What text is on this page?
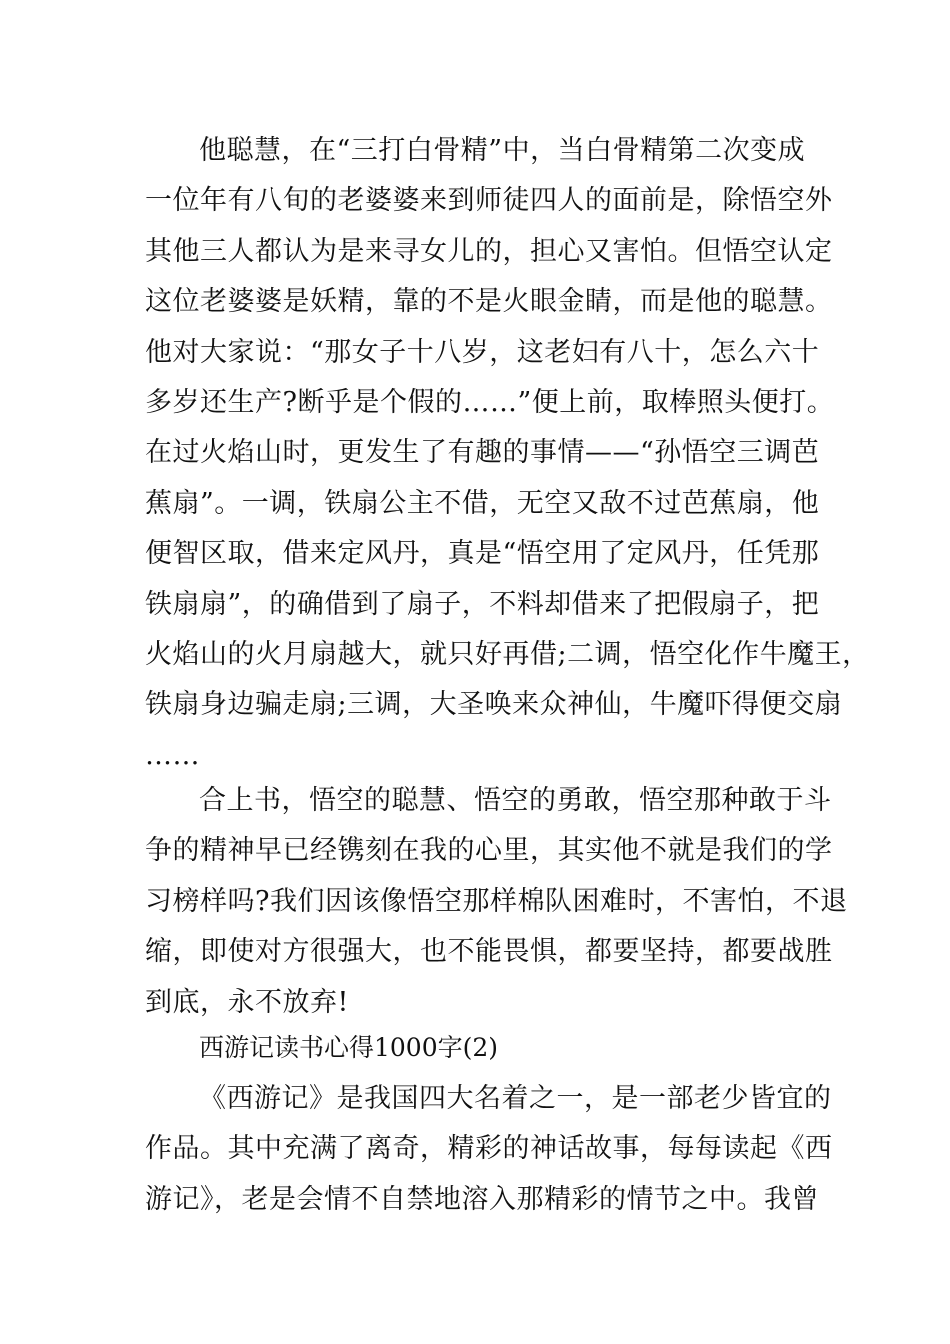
他聪慧，在“三打白骨精”中，当白骨精第二次变成
一位年有八旬的老婆婆来到师徒四人的面前是，除悟空外
其他三人都认为是来寻女儿的，担心又害怕。但悟空认定
这位老婆婆是妖精，靠的不是火眼金睛，而是他的聪慧。
他对大家说：“那女子十八岁，这老妇有八十，怎么六十
多岁还生产?断乎是个假的……”便上前，取棒照头便打。
在过火焰山时，更发生了有趣的事情——“孙悟空三调芭
蕉扇”。一调，铁扇公主不借，无空又敌不过芭蕉扇，他
便智区取，借来定风丹，真是“悟空用了定风丹，任凭那
铁扇扇”，的确借到了扇子，不料却借来了把假扇子，把
火焰山的火月扇越大，就只好再借;二调，悟空化作牛魔王，
铁扇身边骗走扇;三调，大圣唤来众神仙，牛魔吓得便交扇
……
合上书，悟空的聪慧、悟空的勇敢，悟空那种敢于斗
争的精神早已经镌刻在我的心里，其实他不就是我们的学
习榜样吗?我们因该像悟空那样棉队困难时，不害怕，不退
缩，即使对方很强大，也不能畏惧，都要坚持，都要战胜
到底，永不放弃!
西游记读书心得1000字(2)
《西游记》是我国四大名着之一，是一部老少皆宜的
作品。其中充满了离奇，精彩的神话故事，每每读起《西
游记》，老是会情不自禁地溶入那精彩的情节之中。我曾
